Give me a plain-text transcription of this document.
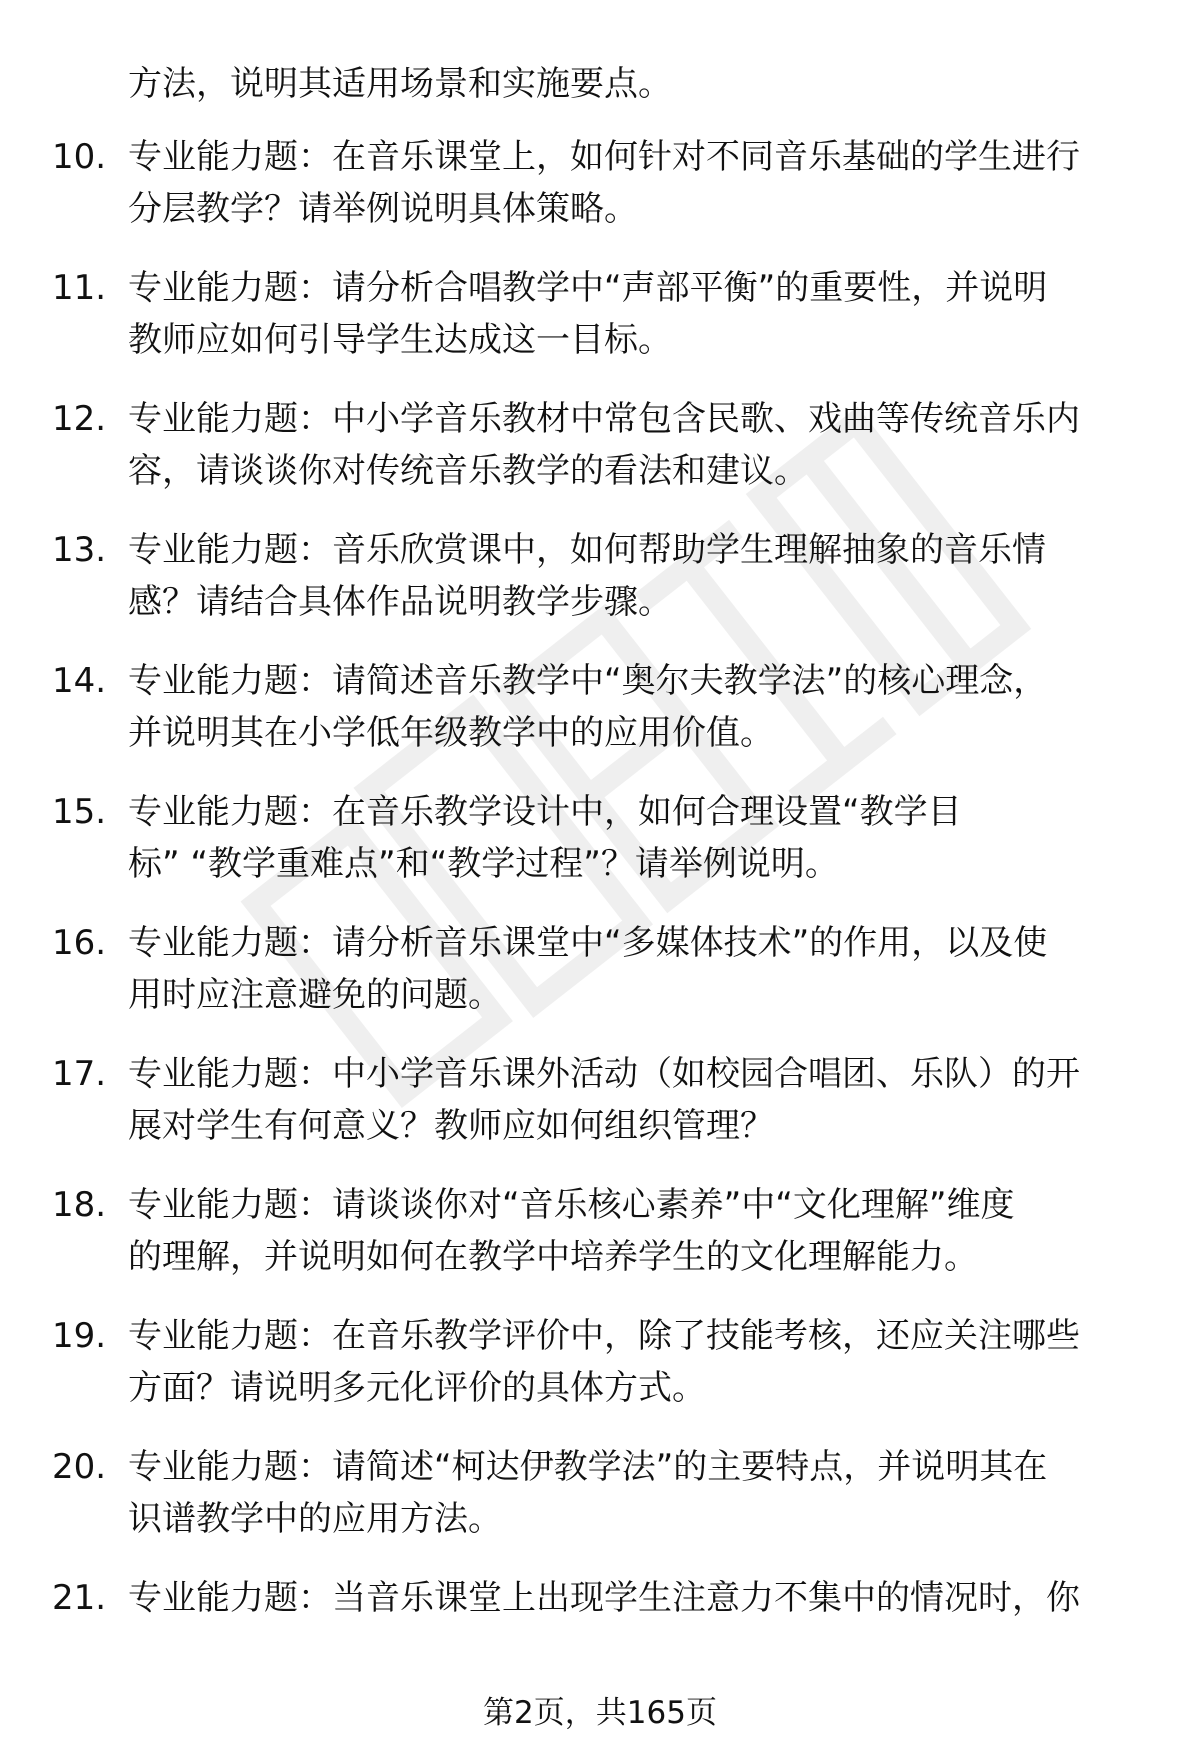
方法，说明其适用场景和实施要点。

10. 专业能力题：在音乐课堂上，如何针对不同音乐基础的学生进行
分层教学？请举例说明具体策略。

11. 专业能力题：请分析合唱教学中“声部平衡”的重要性，并说明
教师应如何引导学生达成这一目标。

12. 专业能力题：中小学音乐教材中常包含民歌、戏曲等传统音乐内
容，请谈谈你对传统音乐教学的看法和建议。

13. 专业能力题：音乐欣赏课中，如何帮助学生理解抽象的音乐情
感？请结合具体作品说明教学步骤。

14. 专业能力题：请简述音乐教学中“奥尔夫教学法”的核心理念，
并说明其在小学低年级教学中的应用价值。

15. 专业能力题：在音乐教学设计中，如何合理设置“教学目
标” “教学重难点”和“教学过程”？请举例说明。

16. 专业能力题：请分析音乐课堂中“多媒体技术”的作用，以及使
用时应注意避免的问题。

17. 专业能力题：中小学音乐课外活动（如校园合唱团、乐队）的开
展对学生有何意义？教师应如何组织管理？

18. 专业能力题：请谈谈你对“音乐核心素养”中“文化理解”维度
的理解，并说明如何在教学中培养学生的文化理解能力。

19. 专业能力题：在音乐教学评价中，除了技能考核，还应关注哪些
方面？请说明多元化评价的具体方式。

20. 专业能力题：请简述“柯达伊教学法”的主要特点，并说明其在
识谱教学中的应用方法。

21. 专业能力题：当音乐课堂上出现学生注意力不集中的情况时，你

第2页，共165页
